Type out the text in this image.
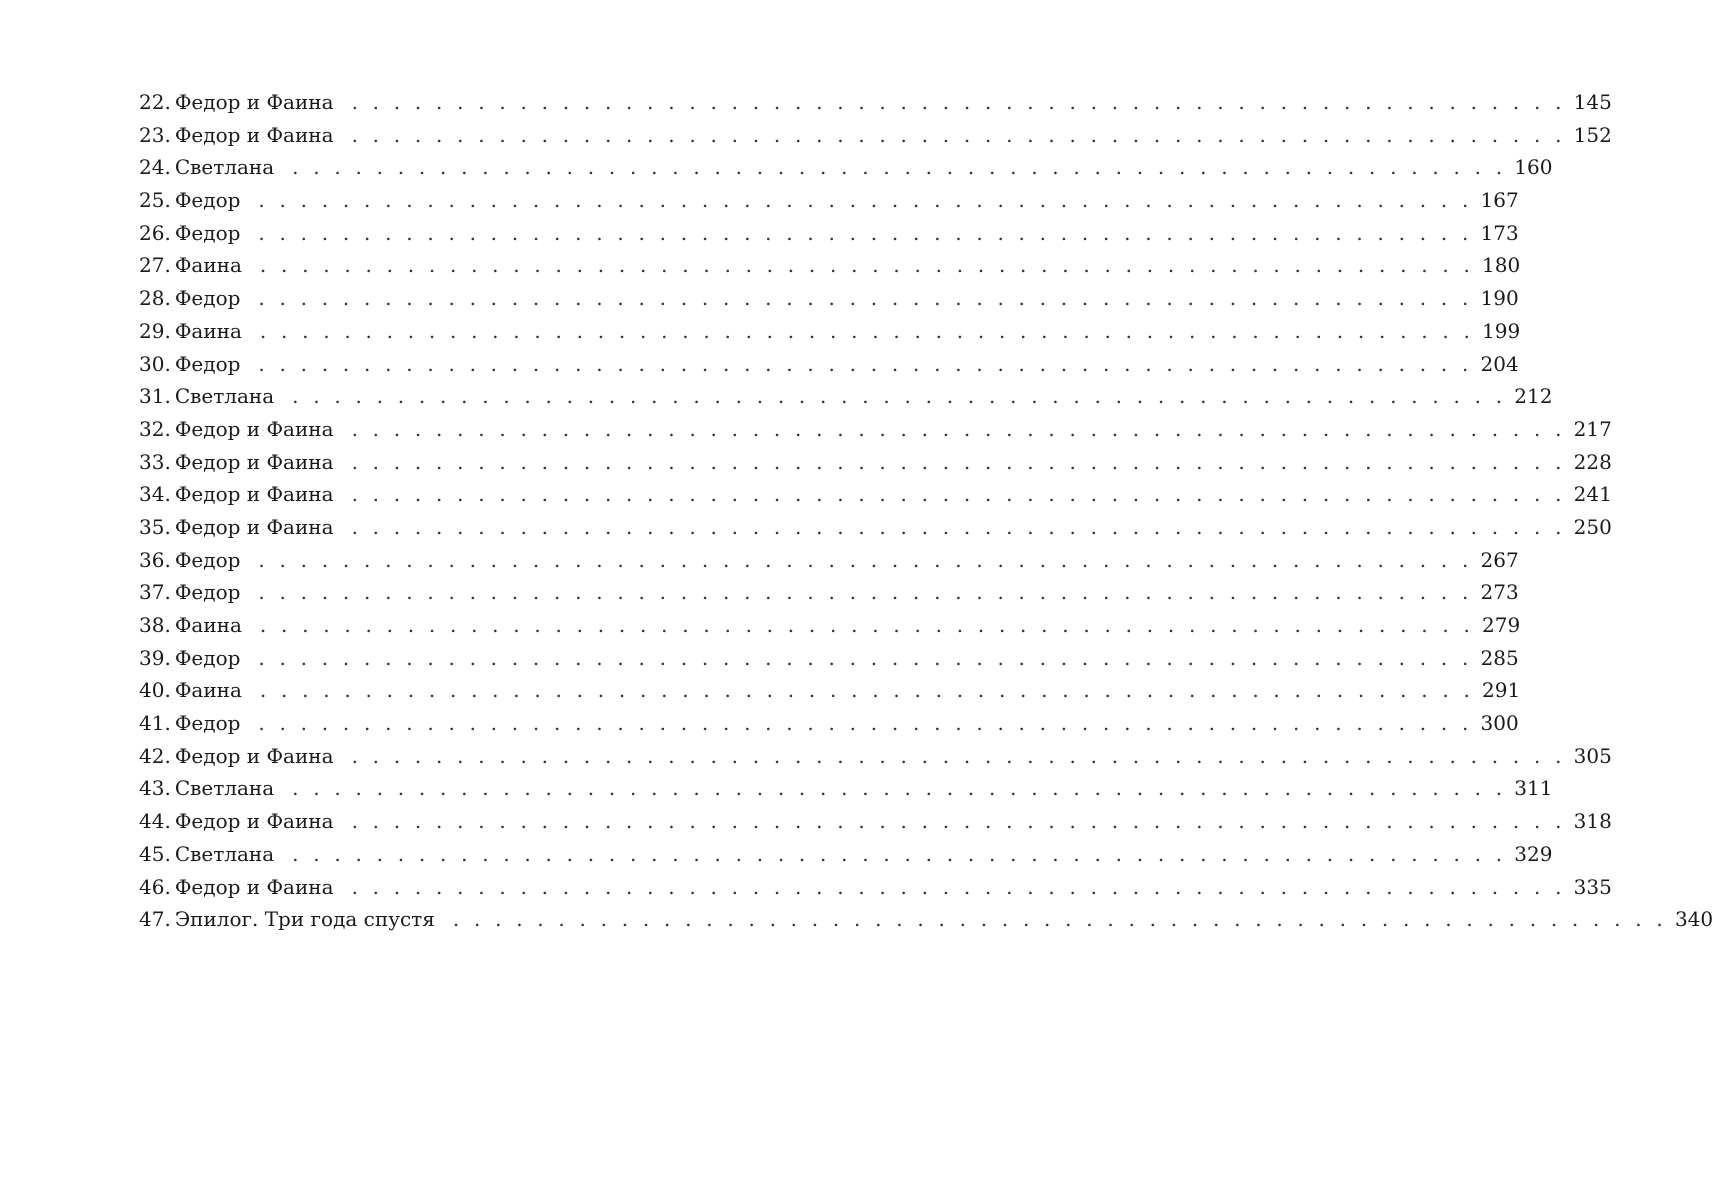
22. Федор и Фаина . . . . . . . . . . . . . . . . . . . . . . . . . . . . . . . . . . . . . . . . . . . . . . . . . . . . . . . . . . 145
23. Федор и Фаина . . . . . . . . . . . . . . . . . . . . . . . . . . . . . . . . . . . . . . . . . . . . . . . . . . . . . . . . . . 152
24. Светлана . . . . . . . . . . . . . . . . . . . . . . . . . . . . . . . . . . . . . . . . . . . . . . . . . . . . . . . . . . 160
25. Федор . . . . . . . . . . . . . . . . . . . . . . . . . . . . . . . . . . . . . . . . . . . . . . . . . . . . . . . . . . 167
26. Федор . . . . . . . . . . . . . . . . . . . . . . . . . . . . . . . . . . . . . . . . . . . . . . . . . . . . . . . . . . 173
27. Фаина . . . . . . . . . . . . . . . . . . . . . . . . . . . . . . . . . . . . . . . . . . . . . . . . . . . . . . . . . . 180
28. Федор . . . . . . . . . . . . . . . . . . . . . . . . . . . . . . . . . . . . . . . . . . . . . . . . . . . . . . . . . . 190
29. Фаина . . . . . . . . . . . . . . . . . . . . . . . . . . . . . . . . . . . . . . . . . . . . . . . . . . . . . . . . . . 199
30. Федор . . . . . . . . . . . . . . . . . . . . . . . . . . . . . . . . . . . . . . . . . . . . . . . . . . . . . . . . . . 204
31. Светлана . . . . . . . . . . . . . . . . . . . . . . . . . . . . . . . . . . . . . . . . . . . . . . . . . . . . . . . . . . 212
32. Федор и Фаина . . . . . . . . . . . . . . . . . . . . . . . . . . . . . . . . . . . . . . . . . . . . . . . . . . . . . . . . . . 217
33. Федор и Фаина . . . . . . . . . . . . . . . . . . . . . . . . . . . . . . . . . . . . . . . . . . . . . . . . . . . . . . . . . . 228
34. Федор и Фаина . . . . . . . . . . . . . . . . . . . . . . . . . . . . . . . . . . . . . . . . . . . . . . . . . . . . . . . . . . 241
35. Федор и Фаина . . . . . . . . . . . . . . . . . . . . . . . . . . . . . . . . . . . . . . . . . . . . . . . . . . . . . . . . . . 250
36. Федор . . . . . . . . . . . . . . . . . . . . . . . . . . . . . . . . . . . . . . . . . . . . . . . . . . . . . . . . . . 267
37. Федор . . . . . . . . . . . . . . . . . . . . . . . . . . . . . . . . . . . . . . . . . . . . . . . . . . . . . . . . . . 273
38. Фаина . . . . . . . . . . . . . . . . . . . . . . . . . . . . . . . . . . . . . . . . . . . . . . . . . . . . . . . . . . 279
39. Федор . . . . . . . . . . . . . . . . . . . . . . . . . . . . . . . . . . . . . . . . . . . . . . . . . . . . . . . . . . 285
40. Фаина . . . . . . . . . . . . . . . . . . . . . . . . . . . . . . . . . . . . . . . . . . . . . . . . . . . . . . . . . . 291
41. Федор . . . . . . . . . . . . . . . . . . . . . . . . . . . . . . . . . . . . . . . . . . . . . . . . . . . . . . . . . . 300
42. Федор и Фаина . . . . . . . . . . . . . . . . . . . . . . . . . . . . . . . . . . . . . . . . . . . . . . . . . . . . . . . . . . 305
43. Светлана . . . . . . . . . . . . . . . . . . . . . . . . . . . . . . . . . . . . . . . . . . . . . . . . . . . . . . . . . . 311
44. Федор и Фаина . . . . . . . . . . . . . . . . . . . . . . . . . . . . . . . . . . . . . . . . . . . . . . . . . . . . . . . . . . 318
45. Светлана . . . . . . . . . . . . . . . . . . . . . . . . . . . . . . . . . . . . . . . . . . . . . . . . . . . . . . . . . . 329
46. Федор и Фаина . . . . . . . . . . . . . . . . . . . . . . . . . . . . . . . . . . . . . . . . . . . . . . . . . . . . . . . . . . 335
47. Эпилог. Три года спустя . . . . . . . . . . . . . . . . . . . . . . . . . . . . . . . . . . . . . . . . . . . . . . . . . . . . . . . . . . 340
